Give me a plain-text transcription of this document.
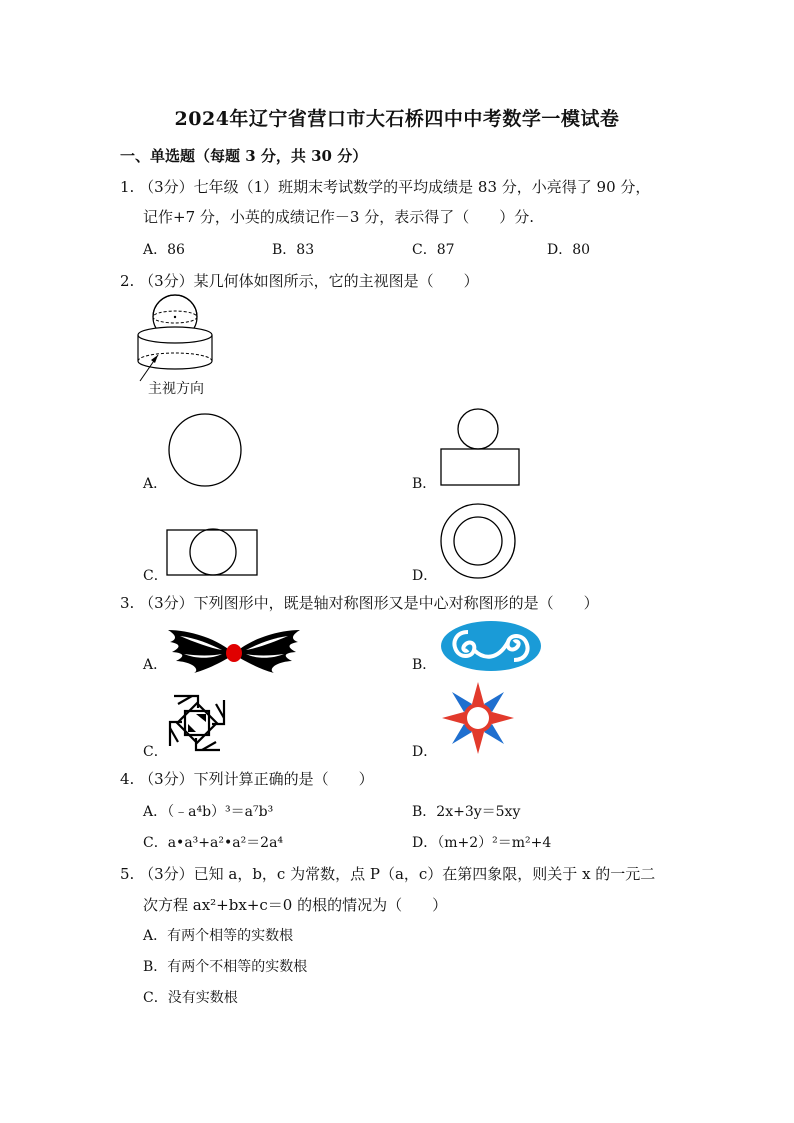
2024年辽宁省营口市大石桥四中中考数学一模试卷
一、单选题（每题 3 分，共 30 分）
1. （3分）七年级（1）班期末考试数学的平均成绩是 83 分，小亮得了 90 分，
记作+7 分，小英的成绩记作－3 分，表示得了（　　）分.
A．86	B．83	C．87	D．80
2. （3分）某几何体如图所示，它的主视图是（　　）
主视方向
A．	B．
C．	D．
3. （3分）下列图形中，既是轴对称图形又是中心对称图形的是（　　）
A．	B．
C．	D．
4. （3分）下列计算正确的是（　　）
A．（﹣a⁴b）³＝a⁷b³	B．2x+3y＝5xy
C．a•a³+a²•a²＝2a⁴	D．（m+2）²＝m²+4
5. （3分）已知 a，b，c 为常数，点 P（a，c）在第四象限，则关于 x 的一元二
次方程 ax²+bx+c＝0 的根的情况为（　　）
A．有两个相等的实数根
B．有两个不相等的实数根
C．没有实数根
